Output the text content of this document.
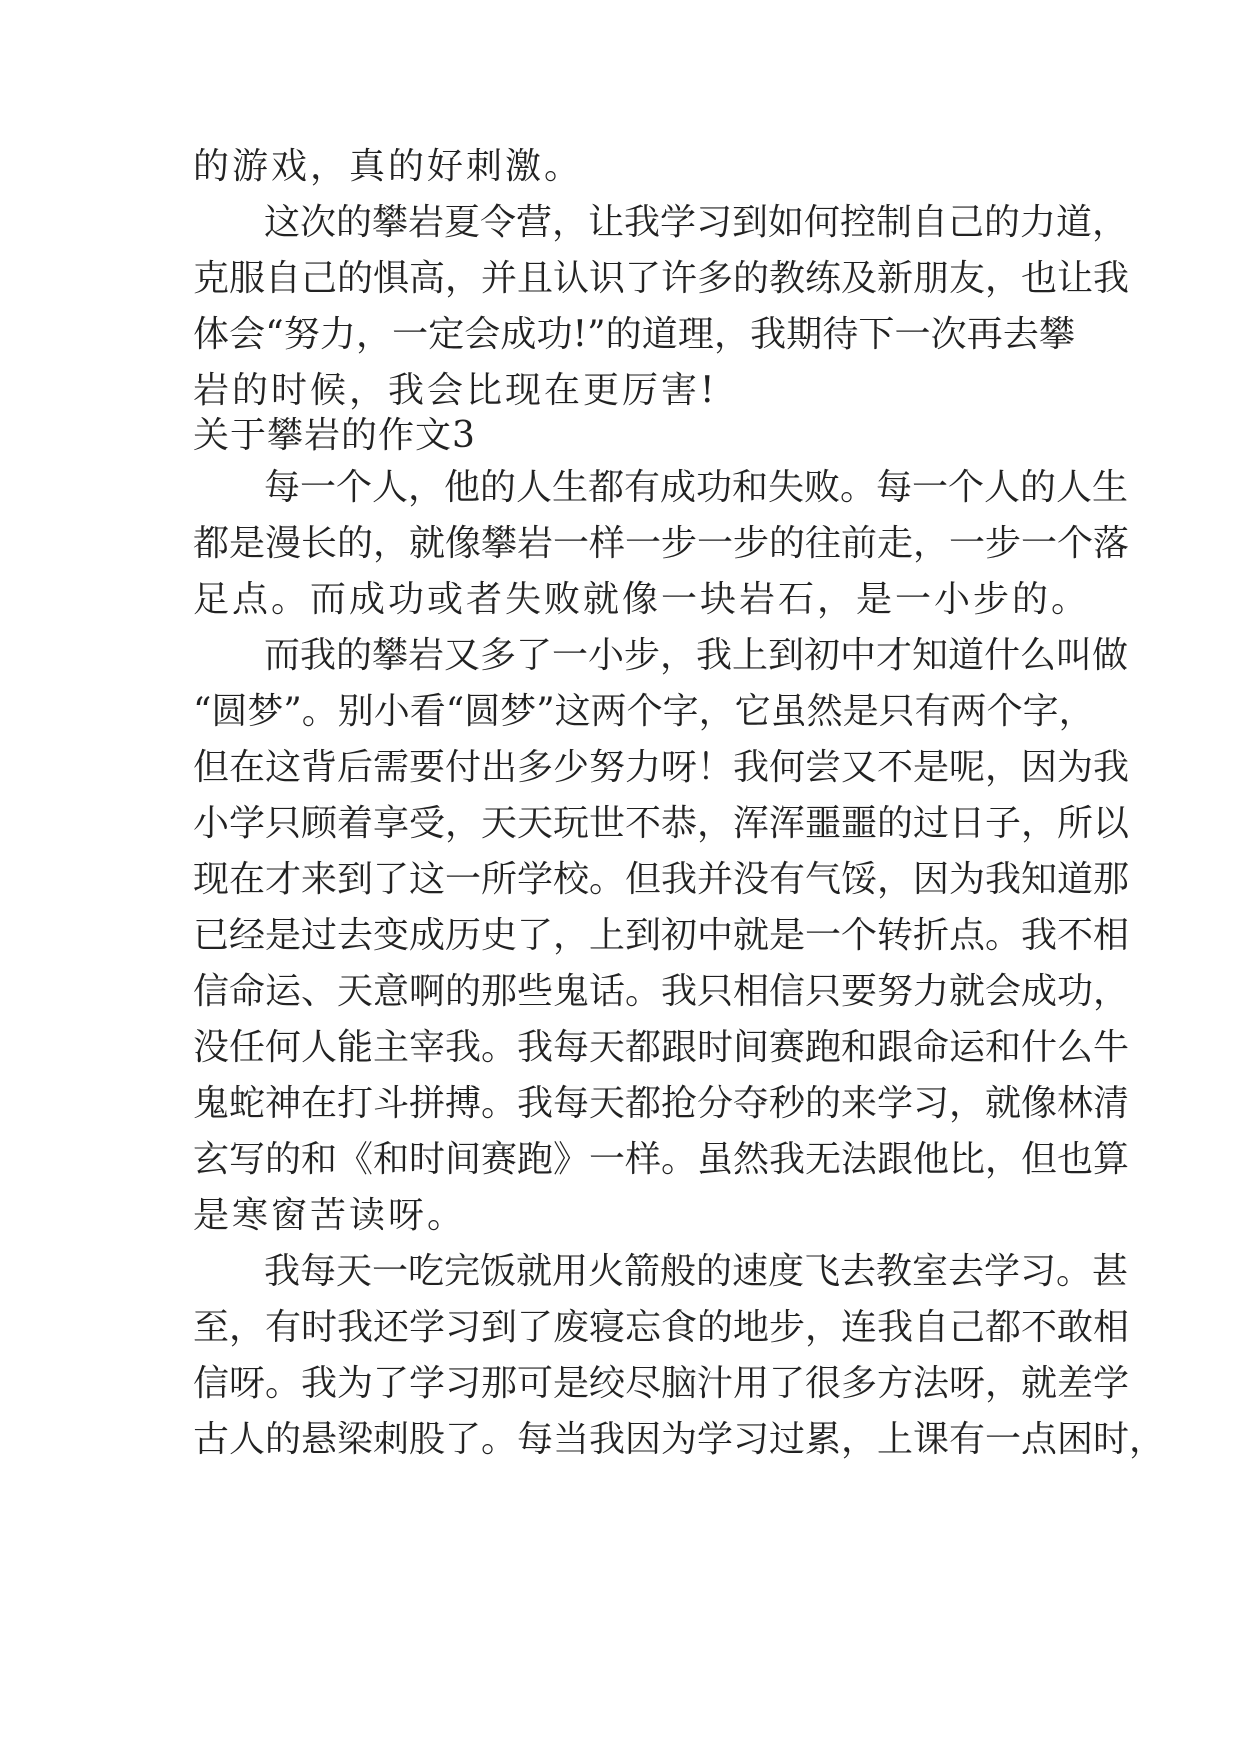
的游戏，真的好刺激。
这次的攀岩夏令营，让我学习到如何控制自己的力道，
克服自己的惧高，并且认识了许多的教练及新朋友，也让我
体会“努力，一定会成功!”的道理，我期待下一次再去攀
岩的时候，我会比现在更厉害!
关于攀岩的作文3
每一个人，他的人生都有成功和失败。每一个人的人生
都是漫长的，就像攀岩一样一步一步的往前走，一步一个落
足点。而成功或者失败就像一块岩石，是一小步的。
而我的攀岩又多了一小步，我上到初中才知道什么叫做
“圆梦”。别小看“圆梦”这两个字，它虽然是只有两个字，
但在这背后需要付出多少努力呀！我何尝又不是呢，因为我
小学只顾着享受，天天玩世不恭，浑浑噩噩的过日子，所以
现在才来到了这一所学校。但我并没有气馁，因为我知道那
已经是过去变成历史了，上到初中就是一个转折点。我不相
信命运、天意啊的那些鬼话。我只相信只要努力就会成功，
没任何人能主宰我。我每天都跟时间赛跑和跟命运和什么牛
鬼蛇神在打斗拼搏。我每天都抢分夺秒的来学习，就像林清
玄写的和《和时间赛跑》一样。虽然我无法跟他比，但也算
是寒窗苦读呀。
我每天一吃完饭就用火箭般的速度飞去教室去学习。甚
至，有时我还学习到了废寝忘食的地步，连我自己都不敢相
信呀。我为了学习那可是绞尽脑汁用了很多方法呀，就差学
古人的悬梁刺股了。每当我因为学习过累，上课有一点困时，
